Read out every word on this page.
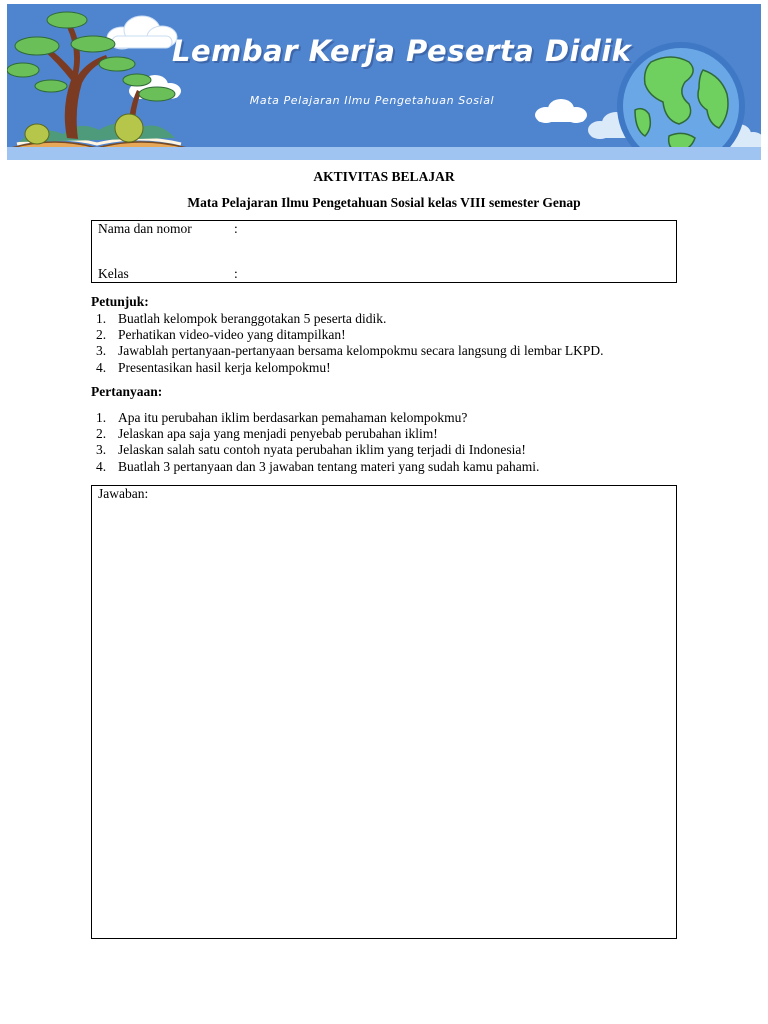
Lembar Kerja Peserta Didik
Mata Pelajaran Ilmu Pengetahuan Sosial
AKTIVITAS BELAJAR
Mata Pelajaran Ilmu Pengetahuan Sosial kelas VIII semester Genap
Nama dan nomor	:
Kelas	:
Petunjuk:
1. Buatlah kelompok beranggotakan 5 peserta didik.
2. Perhatikan video-video yang ditampilkan!
3. Jawablah pertanyaan-pertanyaan bersama kelompokmu secara langsung di lembar LKPD.
4. Presentasikan hasil kerja kelompokmu!
Pertanyaan:
1. Apa itu perubahan iklim berdasarkan pemahaman kelompokmu?
2. Jelaskan apa saja yang menjadi penyebab perubahan iklim!
3. Jelaskan salah satu contoh nyata perubahan iklim yang terjadi di Indonesia!
4. Buatlah 3 pertanyaan dan 3 jawaban tentang materi yang sudah kamu pahami.
Jawaban:
